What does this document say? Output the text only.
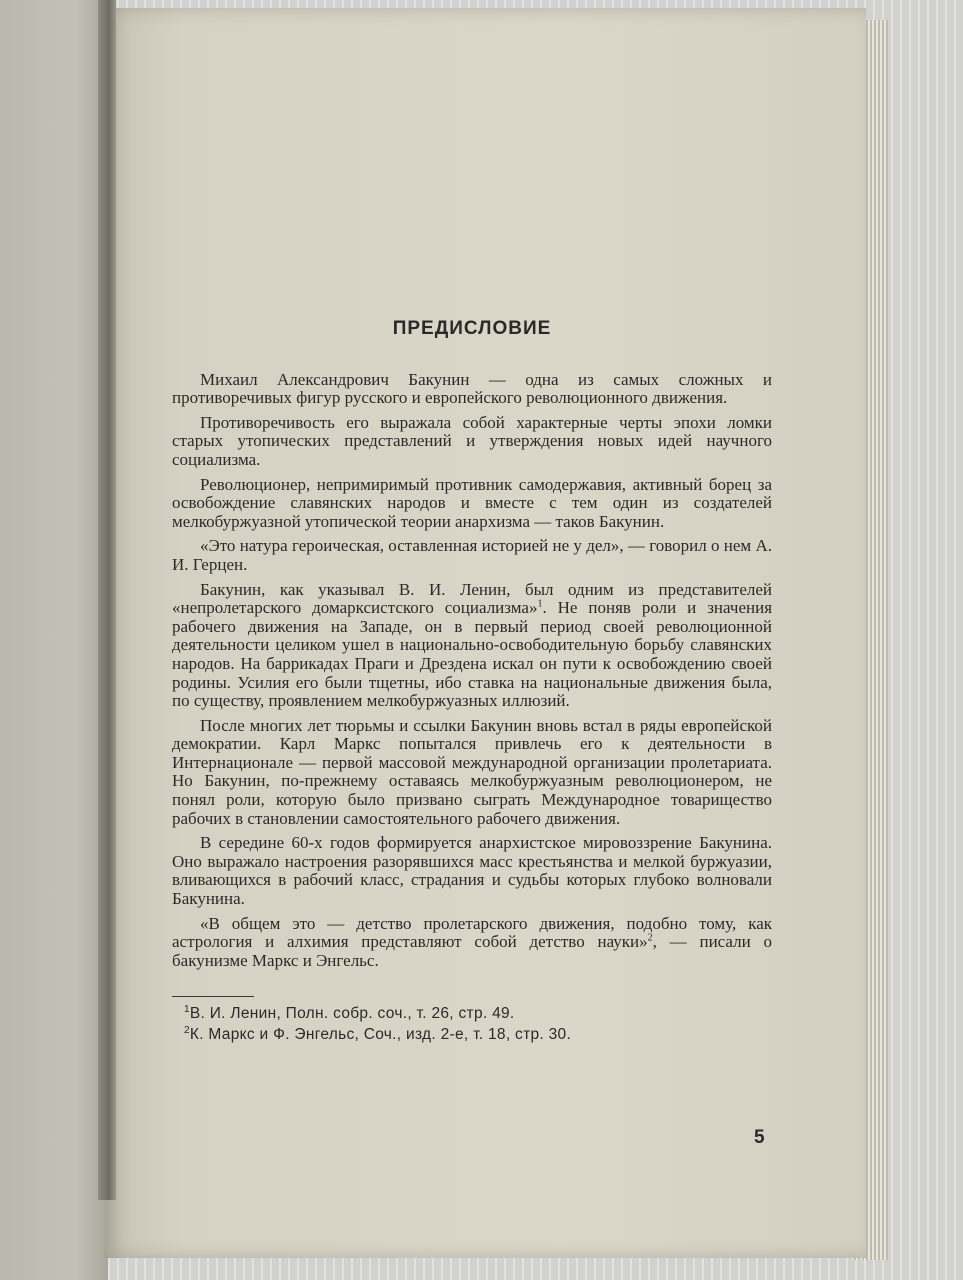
ПРЕДИСЛОВИЕ

Михаил Александрович Бакунин — одна из самых сложных и противоречивых фигур русского и европейского революционного движения.

Противоречивость его выражала собой характерные черты эпохи ломки старых утопических представлений и утверждения новых идей научного социализма.

Революционер, непримиримый противник самодержавия, активный борец за освобождение славянских народов и вместе с тем один из создателей мелкобуржуазной утопической теории анархизма — таков Бакунин.

«Это натура героическая, оставленная историей не у дел», — говорил о нем А. И. Герцен.

Бакунин, как указывал В. И. Ленин, был одним из представителей «непролетарского домарксистского социализма»$^1$. Не поняв роли и значения рабочего движения на Западе, он в первый период своей революционной деятельности целиком ушел в национально-освободительную борьбу славянских народов. На баррикадах Праги и Дрездена искал он пути к освобождению своей родины. Усилия его были тщетны, ибо ставка на национальные движения была, по существу, проявлением мелкобуржуазных иллюзий.

После многих лет тюрьмы и ссылки Бакунин вновь встал в ряды европейской демократии. Карл Маркс попытался привлечь его к деятельности в Интернационале — первой массовой международной организации пролетариата. Но Бакунин, по-прежнему оставаясь мелкобуржуазным революционером, не понял роли, которую было призвано сыграть Международное товарищество рабочих в становлении самостоятельного рабочего движения.

В середине 60-х годов формируется анархистское мировоззрение Бакунина. Оно выражало настроения разорявшихся масс крестьянства и мелкой буржуазии, вливающихся в рабочий класс, страдания и судьбы которых глубоко волновали Бакунина.

«В общем это — детство пролетарского движения, подобно тому, как астрология и алхимия представляют собой детство науки»$^2$, — писали о бакунизме Маркс и Энгельс.

$^1$В. И. Ленин, Полн. собр. соч., т. 26, стр. 49.
$^2$К. Маркс и Ф. Энгельс, Соч., изд. 2-е, т. 18, стр. 30.
5
